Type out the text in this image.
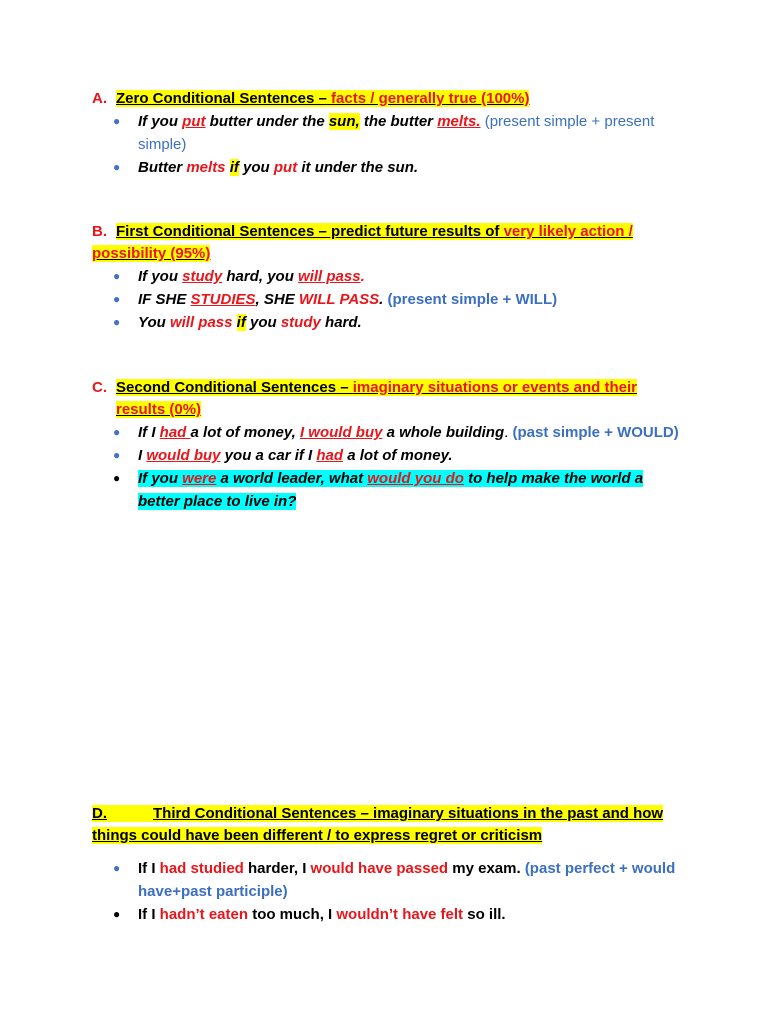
A. Zero Conditional Sentences – facts / generally true (100%)
● If you put butter under the sun, the butter melts. (present simple + present simple)
● Butter melts if you put it under the sun.
B. First Conditional Sentences – predict future results of very likely action / possibility (95%)
● If you study hard, you will pass.
● IF SHE STUDIES, SHE WILL PASS. (present simple + WILL)
● You will pass if you study hard.
C. Second Conditional Sentences – imaginary situations or events and their results (0%)
● If I had a lot of money, I would buy a whole building. (past simple + WOULD)
● I would buy you a car if I had a lot of money.
● If you were a world leader, what would you do to help make the world a better place to live in?
D.	Third Conditional Sentences – imaginary situations in the past and how things could have been different / to express regret or criticism
● If I had studied harder, I would have passed my exam. (past perfect + would have+past participle)
● If I hadn’t eaten too much, I wouldn’t have felt so ill.
